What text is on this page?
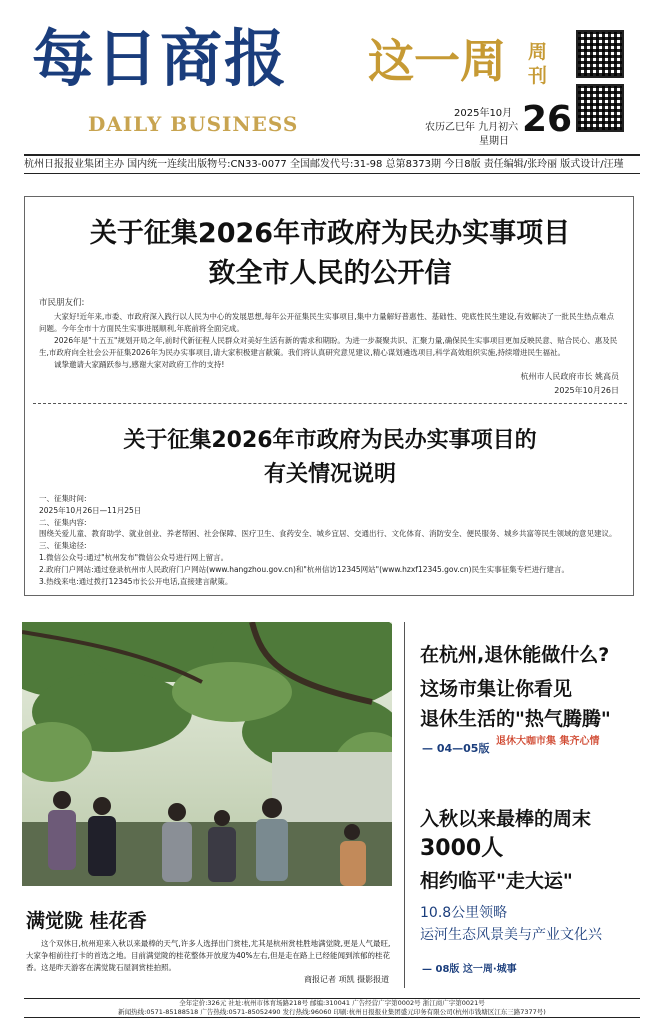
每日商报
DAILY BUSINESS
这一周 周刊
2025年10月
农历乙巳年 九月初六
星期日
26
杭州日报报业集团主办 国内统一连续出版物号:CN33-0077 全国邮发代号:31-98 总第8373期 今日8版 责任编辑/张玲丽 版式设计/汪瑾
关于征集2026年市政府为民办实事项目
致全市人民的公开信
市民朋友们:

大家好!近年来,市委、市政府深入践行以人民为中心的发展思想,每年公开征集民生实事项目,集中力量解好普惠性、基础性、兜底性民生建设,有效解决了一批民生热点难点问题。今年全市十方面民生实事进展顺利,年底前将全面完成。

2026年是"十五五"规划开局之年,前时代新征程人民群众对美好生活有新的需求和期盼。为进一步凝聚共识、汇聚力量,确保民生实事项目更加反映民意、贴合民心、惠及民生,市政府向全社会公开征集2026年为民办实事项目,请大家积极建言献策。我们将认真研究意见建议,精心谋划遴选项目,科学高效组织实施,持续增进民生福祉。

诚挚邀请大家踊跃参与,感谢大家对政府工作的支持!

杭州市人民政府市长 姚高员
2025年10月26日
关于征集2026年市政府为民办实事项目的
有关情况说明
一、征集时间:
2025年10月26日—11月25日
二、征集内容:
围绕关爱儿童、教育助学、就业创业、养老帮困、社会保障、医疗卫生、食药安全、城乡宜居、交通出行、文化体育、消防安全、便民服务、城乡共富等民生领域的意见建议。
三、征集途径:
1.微信公众号:通过"杭州发布"微信公众号进行网上留言。
2.政府门户网站:通过登录杭州市人民政府门户网站(www.hangzhou.gov.cn)和"杭州信访12345网站"(www.hzxf12345.gov.cn)民生实事征集专栏进行建言。
3.热线来电:通过拨打12345市长公开电话,直接建言献策。
满觉陇 桂花香
这个双休日,杭州迎来入秋以来最棒的天气,许多人选择出门赏桂,尤其是杭州赏桂胜地满觉陇,更是人气最旺,大家争相前往打卡的首选之地。目前满觉陇的桂花整体开放度为40%左右,但是走在路上已经能闻到浓郁的桂花香。这是昨天游客在满觉陇石屋洞赏桂拍照。
商报记者 项凯 摄影报道
在杭州,退休能做什么?
这场市集让你看见
退休生活的"热气腾腾"
— 04—05版
退休大咖市集 集齐心情
入秋以来最棒的周末
3000人
相约临平"走大运"
10.8公里领略
运河生态风景美与产业文化兴
— 08版 这一周·城事
全年定价:326元 社址:杭州市体育场路218号 邮编:310041 广告经营广字第0002号 浙江商广字第0021号
新闻热线:0571-85188518 广告热线:0571-85052490 发行热线:96060 印刷:杭州日报报业集团盛元印务有限公司(杭州市钱塘区江东三路7377号)
